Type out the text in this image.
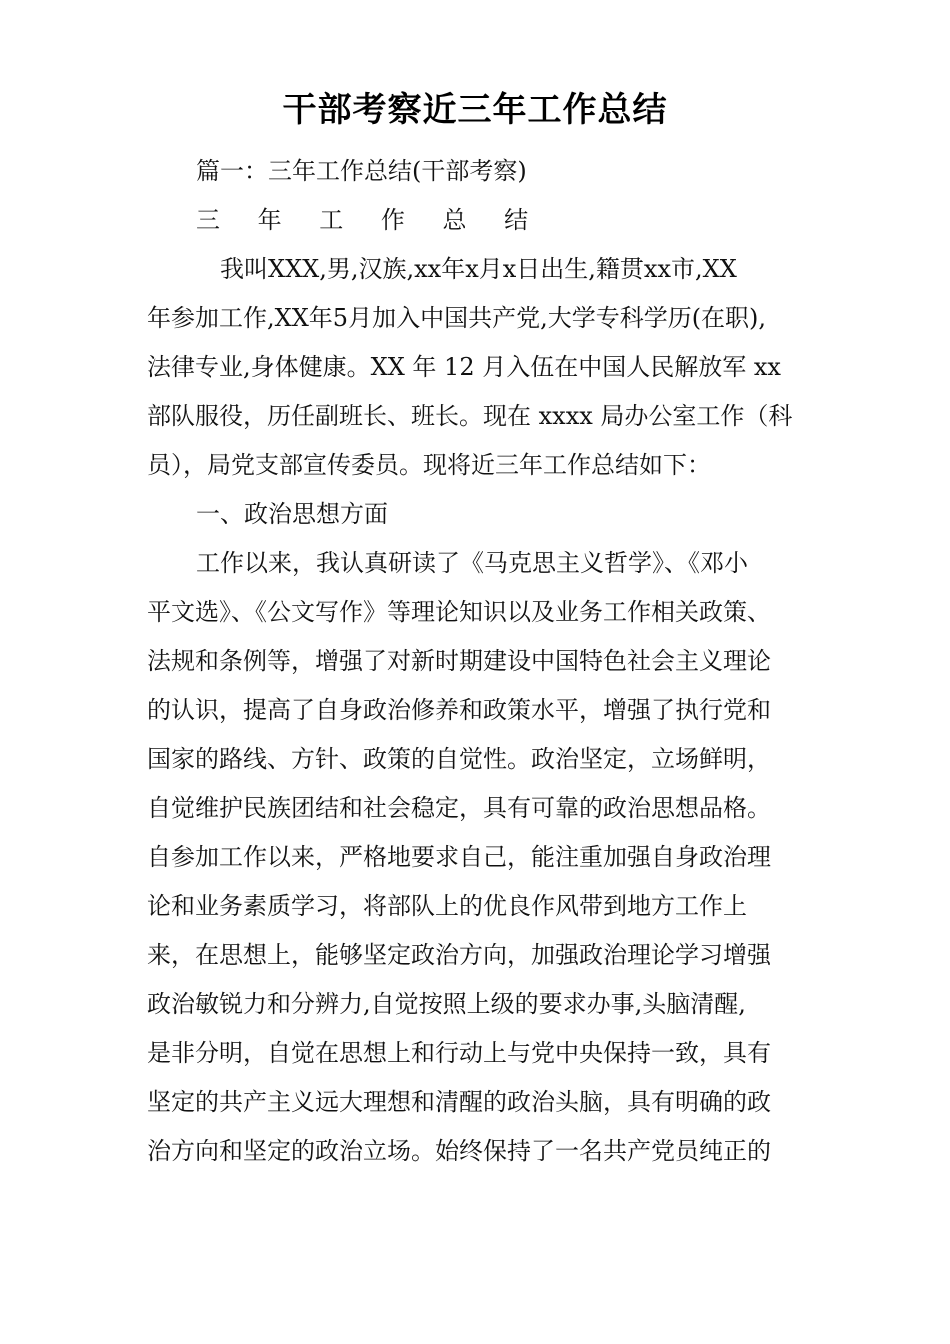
干部考察近三年工作总结
篇一：三年工作总结(干部考察)
三 年 工 作 总 结
我叫XXX,男,汉族,xx年x月x日出生,籍贯xx市,XX
年参加工作,XX年5月加入中国共产党,大学专科学历(在职),
法律专业,身体健康。XX 年 12 月入伍在中国人民解放军 xx
部队服役，历任副班长、班长。现在 xxxx 局办公室工作（科
员），局党支部宣传委员。现将近三年工作总结如下：
一、政治思想方面
工作以来，我认真研读了《马克思主义哲学》、《邓小
平文选》、《公文写作》等理论知识以及业务工作相关政策、
法规和条例等，增强了对新时期建设中国特色社会主义理论
的认识，提高了自身政治修养和政策水平，增强了执行党和
国家的路线、方针、政策的自觉性。政治坚定，立场鲜明，
自觉维护民族团结和社会稳定，具有可靠的政治思想品格。
自参加工作以来，严格地要求自己，能注重加强自身政治理
论和业务素质学习，将部队上的优良作风带到地方工作上
来，在思想上，能够坚定政治方向，加强政治理论学习增强
政治敏锐力和分辨力,自觉按照上级的要求办事,头脑清醒,
是非分明，自觉在思想上和行动上与党中央保持一致，具有
坚定的共产主义远大理想和清醒的政治头脑，具有明确的政
治方向和坚定的政治立场。始终保持了一名共产党员纯正的
